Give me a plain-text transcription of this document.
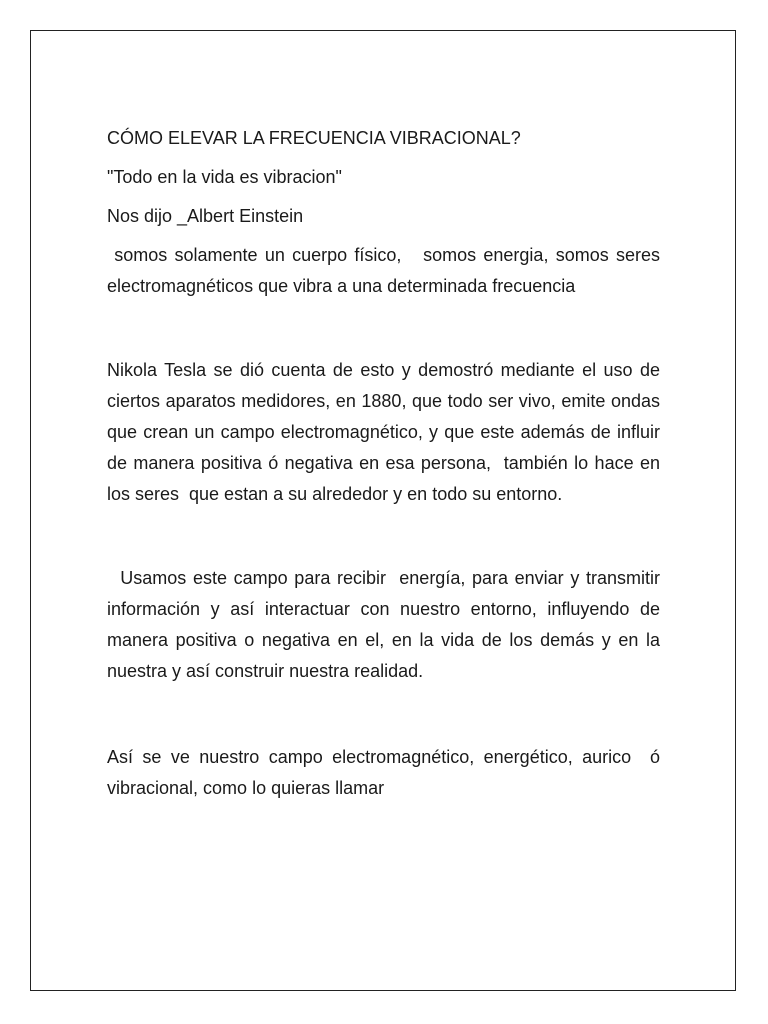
CÓMO ELEVAR LA FRECUENCIA VIBRACIONAL?
"Todo en la vida es vibracion"
Nos dijo _Albert Einstein

somos solamente un cuerpo físico,   somos energia, somos seres electromagnéticos que vibra a una determinada frecuencia

Nikola Tesla se dió cuenta de esto y demostró mediante el uso de ciertos aparatos medidores, en 1880, que todo ser vivo, emite ondas que crean un campo electromagnético, y que este además de influir  de manera positiva ó negativa en esa persona,  también lo hace en los seres  que estan a su alrededor y en todo su entorno.

Usamos este campo para recibir  energía, para enviar y transmitir información y así interactuar con nuestro entorno, influyendo de manera positiva o negativa en el, en la vida de los demás y en la nuestra y así construir nuestra realidad.

Así se ve nuestro campo electromagnético, energético, aurico  ó vibracional, como lo quieras llamar
